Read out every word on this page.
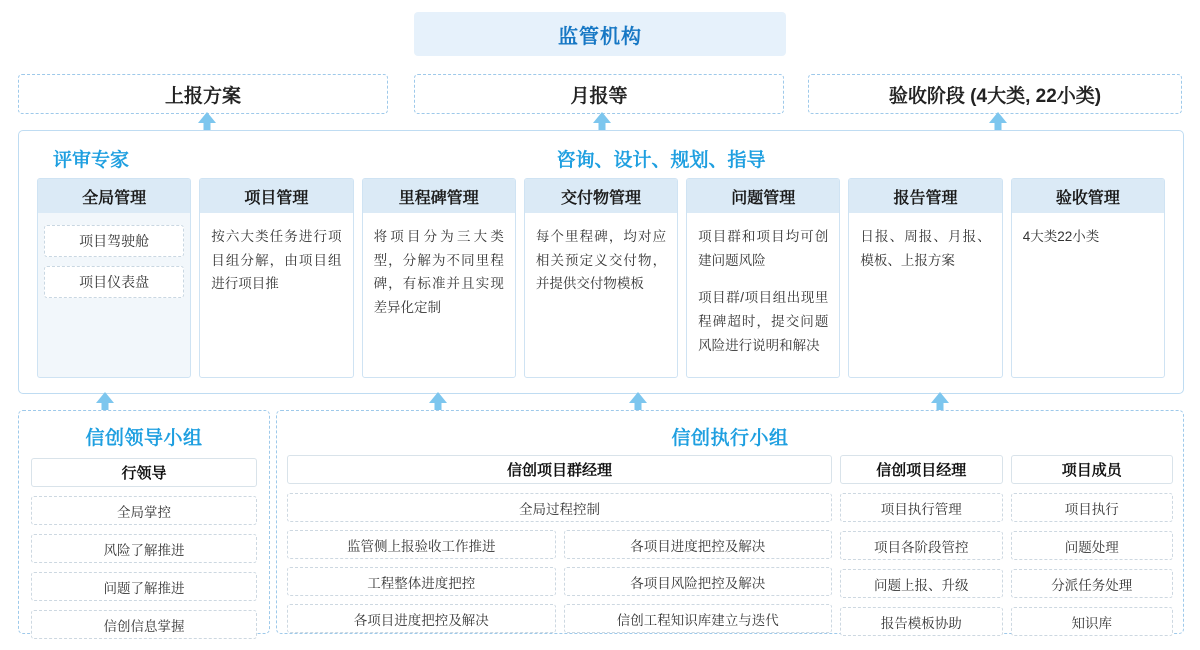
监管机构
上报方案	月报等	验收阶段 (4大类, 22小类)
评审专家	咨询、设计、规划、指导
全局管理
项目驾驶舱
项目仪表盘
项目管理

按六大类任务进行项目组分解，由项目组进行项目推

里程碑管理

将项目分为三大类型，分解为不同里程碑，有标准并且实现差异化定制

交付物管理

每个里程碑，均对应相关预定义交付物，并提供交付物模板

问题管理

项目群和项目均可创建问题风险

项目群/项目组出现里程碑超时，提交问题风险进行说明和解决

报告管理

日报、周报、月报、模板、上报方案

验收管理

4大类22小类

信创领导小组
行领导
全局掌控
风险了解推进
问题了解推进
信创信息掌握
信创执行小组
信创项目群经理
全局过程控制
监管侧上报验收工作推进	各项目进度把控及解决
工程整体进度把控	各项目风险把控及解决
各项目进度把控及解决	信创工程知识库建立与迭代
信创项目经理
项目执行管理
项目各阶段管控
问题上报、升级
报告模板协助
项目成员
项目执行
问题处理
分派任务处理
知识库
